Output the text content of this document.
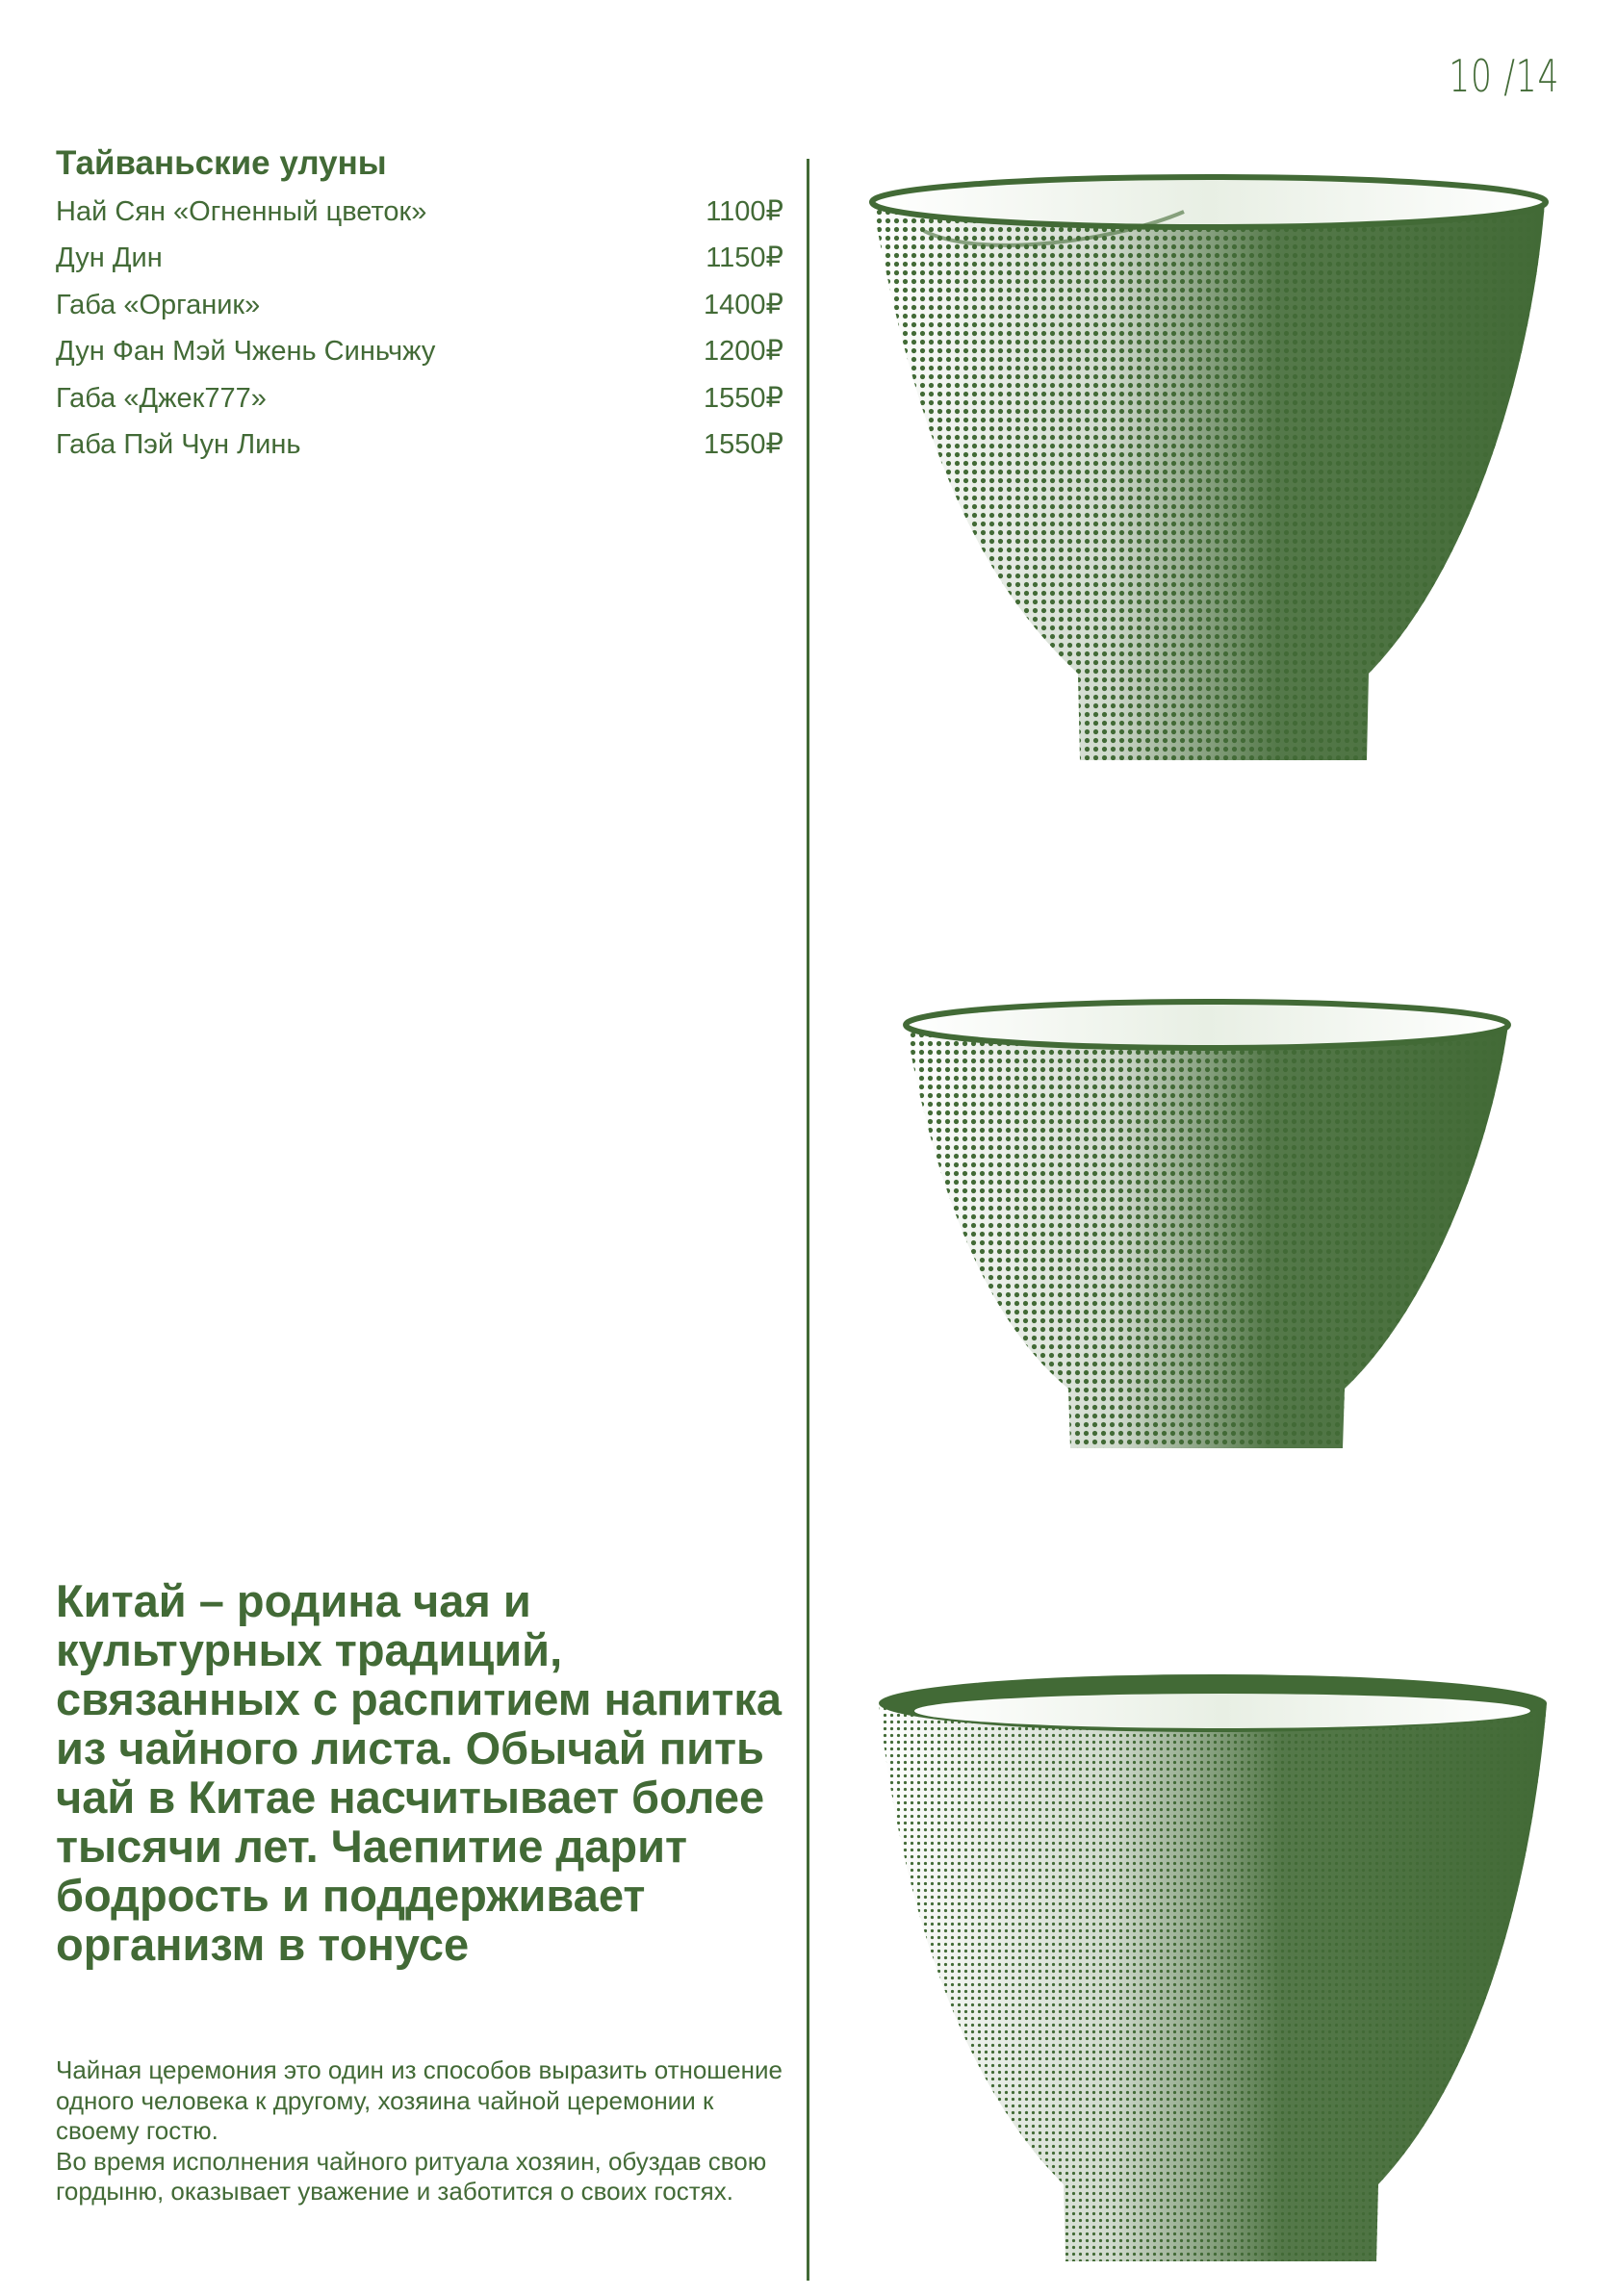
10 /14
Тайваньские улуны
Най Сян «Огненный цветок»	1100₽
Дун Дин	1150₽
Габа «Органик»	1400₽
Дун Фан Мэй Чжень Синьчжу	1200₽
Габа «Джек777»	1550₽
Габа Пэй Чун Линь	1550₽
Китай – родина чая и культурных традиций, связанных с распитием напитка из чайного листа. Обычай пить чай в Китае насчитывает более тысячи лет. Чаепитие дарит бодрость и поддерживает организм в тонусе

Чайная церемония это один из способов выразить отношение одного человека к другому, хозяина чайной церемонии к своему гостю.
Во время исполнения чайного ритуала хозяин, обуздав свою гордыню, оказывает уважение и заботится о своих гостях.
